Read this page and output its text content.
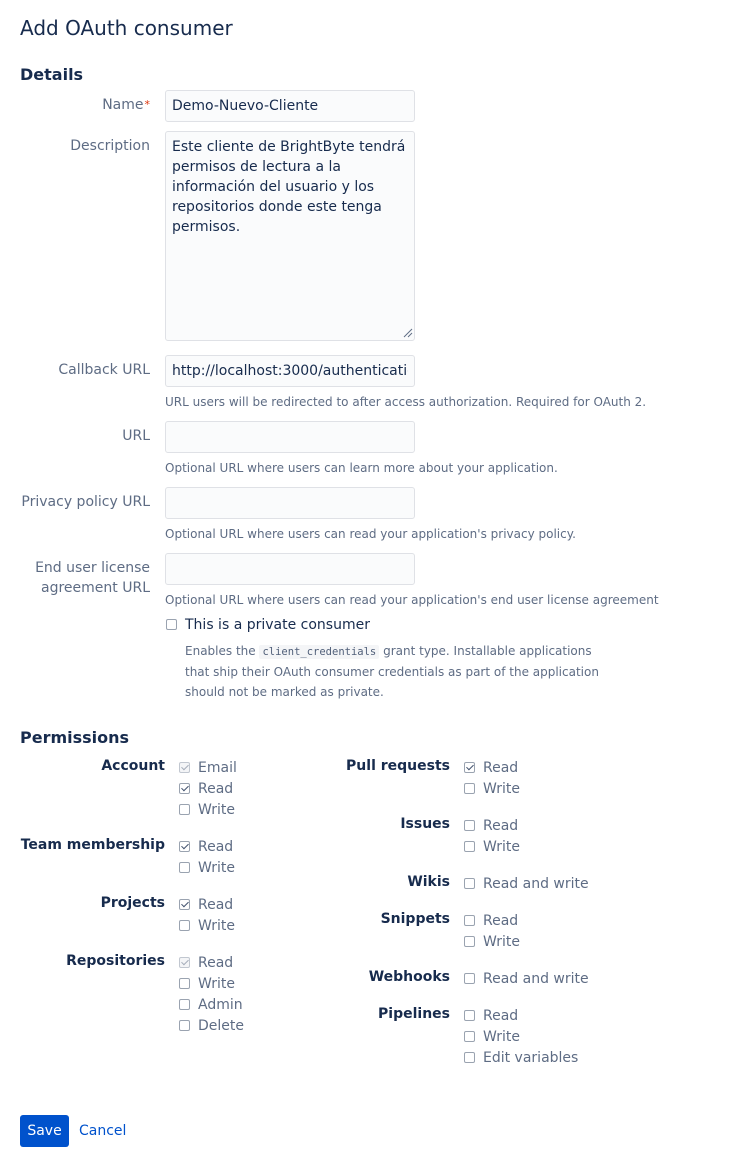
Add OAuth consumer
Details
Name*
Demo-Nuevo-Cliente
Description
Este cliente de BrightByte tendrá permisos de lectura a la información del usuario y los repositorios donde este tenga permisos.
Callback URL
http://localhost:3000/authentication
URL users will be redirected to after access authorization. Required for OAuth 2.
URL
Optional URL where users can learn more about your application.
Privacy policy URL
Optional URL where users can read your application's privacy policy.
End user license
agreement URL
Optional URL where users can read your application's end user license agreement
This is a private consumer
Enables the client_credentials grant type. Installable applications that ship their OAuth consumer credentials as part of the application should not be marked as private.
Permissions
Account Email
Read
Write
Team membership Read
Write
Projects Read
Write
Repositories Read
Write
Admin
Delete
Pull requests Read
Write
Issues Read
Write
Wikis Read and write
Snippets Read
Write
Webhooks Read and write
Pipelines Read
Write
Edit variables
Save	Cancel
